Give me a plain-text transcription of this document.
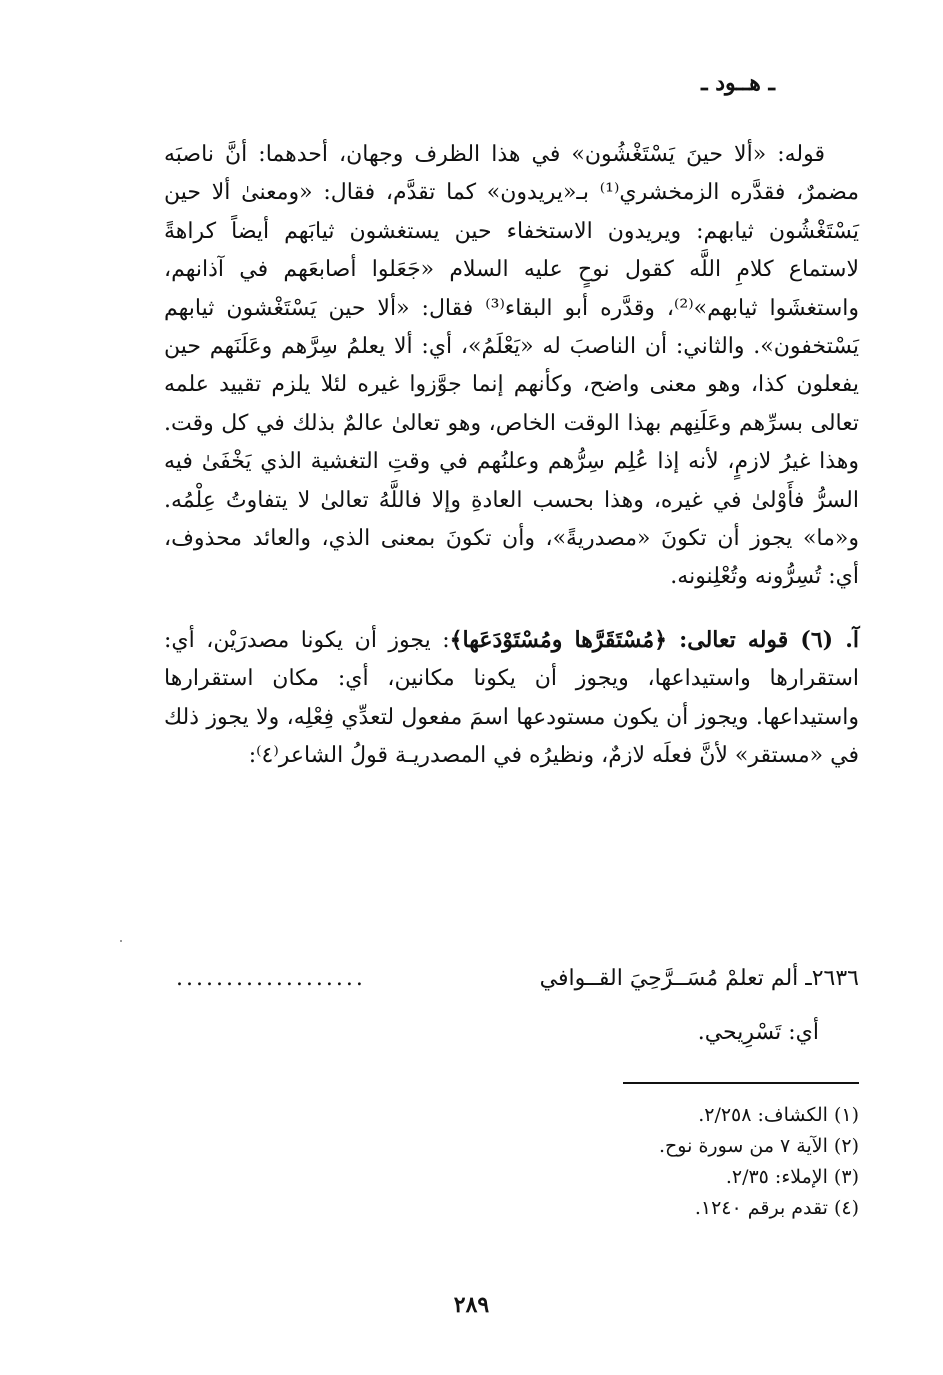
ـ هــود ـ

قوله: «ألا حينَ يَسْتَغْشُون» في هذا الظرف وجهان، أحدهما: أنَّ ناصبَه مضمرٌ، فقدَّره الزمخشري⁽¹⁾ بـ«يريدون» كما تقدَّم، فقال: «ومعنىٰ ألا حين يَسْتَغْشُون ثيابهم: ويريدون الاستخفاء حين يستغشون ثيابَهم أيضاً كراهةً لاستماع كلامِ اللَّه كقول نوحٍ عليه السلام «جَعَلوا أصابعَهم في آذانهم، واستغشَوا ثيابهم»⁽²⁾، وقدَّره أبو البقاء⁽³⁾ فقال: «ألا حين يَسْتَغْشون ثيابهم يَسْتخفون». والثاني: أن الناصبَ له «يَعْلَمُ»، أي: ألا يعلمُ سِرَّهم وعَلَنَهم حين يفعلون كذا، وهو معنى واضح، وكأنهم إنما جوَّزوا غيره لئلا يلزم تقييد علمه تعالى بسرِّهم وعَلَنِهم بهذا الوقت الخاص، وهو تعالىٰ عالمٌ بذلك في كل وقت. وهذا غيرُ لازمٍ، لأنه إذا عُلِم سِرُّهم وعلنُهم في وقتِ التغشية الذي يَخْفَىٰ فيه السرُّ فأَوْلىٰ في غيره، وهذا بحسب العادةِ وإلا فاللَّهُ تعالىٰ لا يتفاوتُ عِلْمُه. و«ما» يجوز أن تكونَ «مصدريةً»، وأن تكونَ بمعنى الذي، والعائد محذوف، أي: تُسِرُّونه وتُعْلِنونه.

آ. (٦) قوله تعالى: ﴿مُسْتَقَرَّها ومُسْتَوْدَعَها﴾: يجوز أن يكونا مصدرَيْن، أي: استقرارها واستيداعها، ويجوز أن يكونا مكانين، أي: مكان استقرارها واستيداعها. ويجوز أن يكون مستودعها اسمَ مفعول لتعدِّي فِعْلِه، ولا يجوز ذلك في «مستقر» لأنَّ فعلَه لازمٌ، ونظيرُه في المصدريـة قولُ الشاعر⁽٤⁾:

٢٦٣٦ـ ألم تعلمْ مُسَــرَّحِيَ القــوافي
...................
أي: تَسْرِيحي.
(١) الكشاف: ٢/٢٥٨.
(٢) الآية ٧ من سورة نوح.
(٣) الإملاء: ٢/٣٥.
(٤) تقدم برقم ١٢٤٠.
٢٨٩
